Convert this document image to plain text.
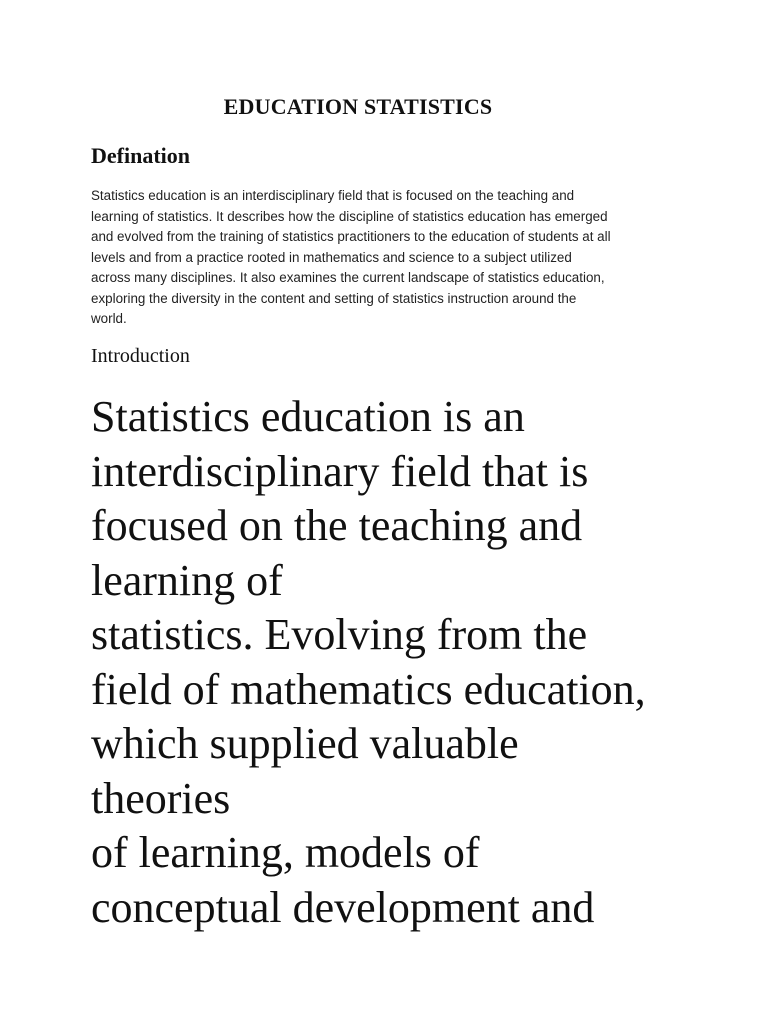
EDUCATION STATISTICS
Defination
Statistics education is an interdisciplinary field that is focused on the teaching and
learning of statistics. It describes how the discipline of statistics education has emerged
and evolved from the training of statistics practitioners to the education of students at all
levels and from a practice rooted in mathematics and science to a subject utilized
across many disciplines. It also examines the current landscape of statistics education,
exploring the diversity in the content and setting of statistics instruction around the
world.
Introduction
Statistics education is an
interdisciplinary field that is
focused on the teaching and
learning of
statistics. Evolving from the
field of mathematics education,
which supplied valuable
theories
of learning, models of
conceptual development and
